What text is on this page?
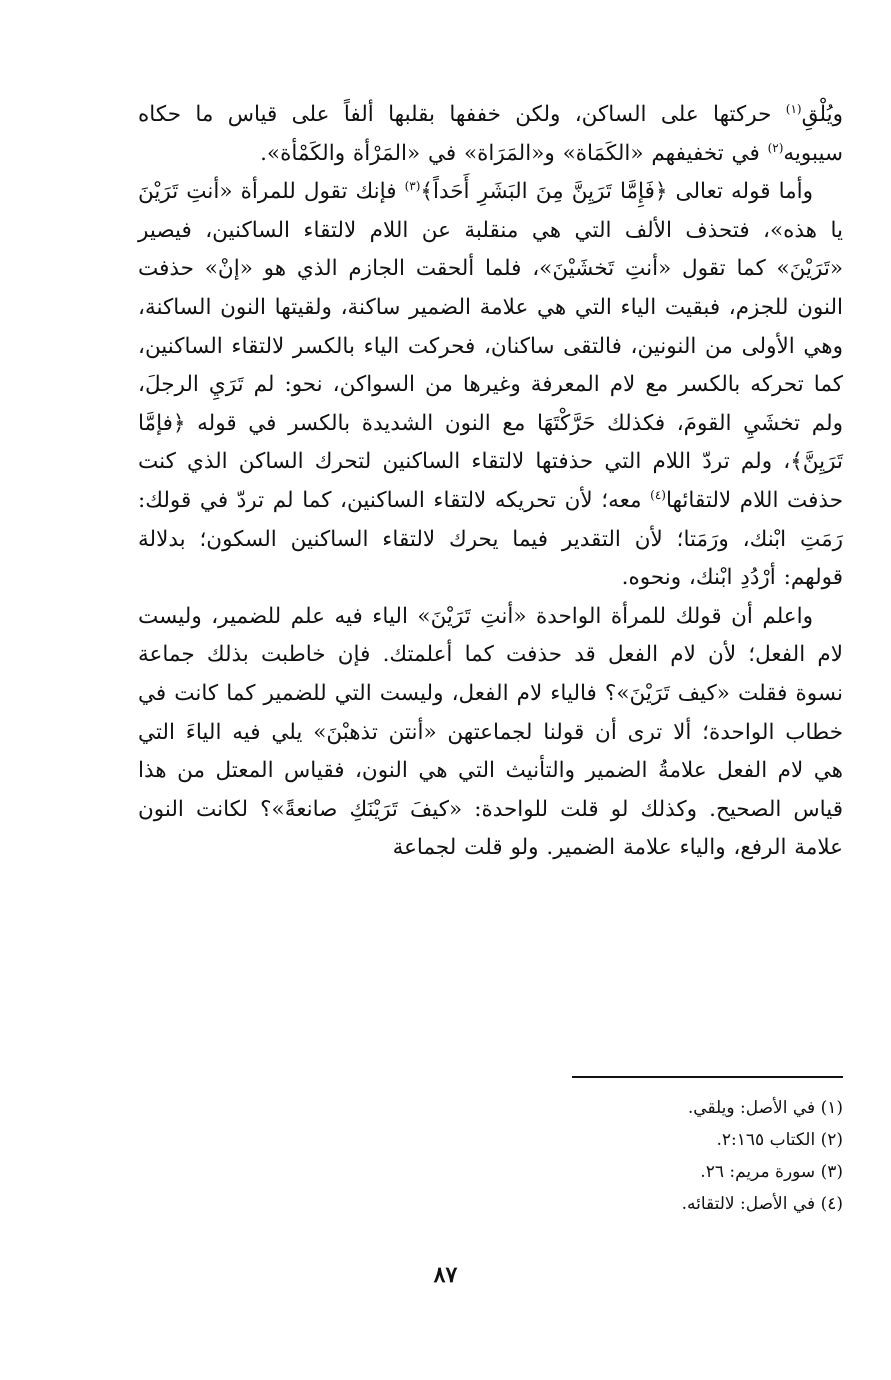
ويُلْقِ$^{(١)}$ حركتها على الساكن، ولكن خففها بقلبها ألفاً على قياس ما حكاه سيبويه$^{(٢)}$ في تخفيفهم «الكَمَاة» و«المَرَاة» في «المَرْأة والكَمْأة».

وأما قوله تعالى ﴿فَإِمَّا تَرَيِنَّ مِنَ البَشَرِ أَحَداً﴾$^{(٣)}$ فإنك تقول للمرأة «أنتِ تَرَيْنَ يا هذه»، فتحذف الألف التي هي منقلبة عن اللام لالتقاء الساكنين، فيصير «تَرَيْنَ» كما تقول «أنتِ تَخشَيْنَ»، فلما ألحقت الجازم الذي هو «إنْ» حذفت النون للجزم، فبقيت الياء التي هي علامة الضمير ساكنة، ولقيتها النون الساكنة، وهي الأولى من النونين، فالتقى ساكنان، فحركت الياء بالكسر لالتقاء الساكنين، كما تحركه بالكسر مع لام المعرفة وغيرها من السواكن، نحو: لم تَرَيِ الرجلَ، ولم تخشَيِ القومَ، فكذلك حَرَّكْتَهَا مع النون الشديدة بالكسر في قوله ﴿فإمَّا تَرَيِنَّ﴾، ولم تردّ اللام التي حذفتها لالتقاء الساكنين لتحرك الساكن الذي كنت حذفت اللام لالتقائها$^{(٤)}$ معه؛ لأن تحريكه لالتقاء الساكنين، كما لم تردّ في قولك: رَمَتِ ابْنك، ورَمَتا؛ لأن التقدير فيما يحرك لالتقاء الساكنين السكون؛ بدلالة قولهم: أرْدُدِ ابْنك، ونحوه.

واعلم أن قولك للمرأة الواحدة «أنتِ تَرَيْنَ» الياء فيه علم للضمير، وليست لام الفعل؛ لأن لام الفعل قد حذفت كما أعلمتك. فإن خاطبت بذلك جماعة نسوة فقلت «كيف تَرَيْنَ»؟ فالياء لام الفعل، وليست التي للضمير كما كانت في خطاب الواحدة؛ ألا ترى أن قولنا لجماعتهن «أنتن تذهبْنَ» يلي فيه الياءَ التي هي لام الفعل علامةُ الضمير والتأنيث التي هي النون، فقياس المعتل من هذا قياس الصحيح. وكذلك لو قلت للواحدة: «كيفَ تَرَيْنَكِ صانعةً»؟ لكانت النون علامة الرفع، والياء علامة الضمير. ولو قلت لجماعة

(١) في الأصل: ويلقي.
(٢) الكتاب ٢:١٦٥.
(٣) سورة مريم: ٢٦.
(٤) في الأصل: لالتقائه.
٨٧
